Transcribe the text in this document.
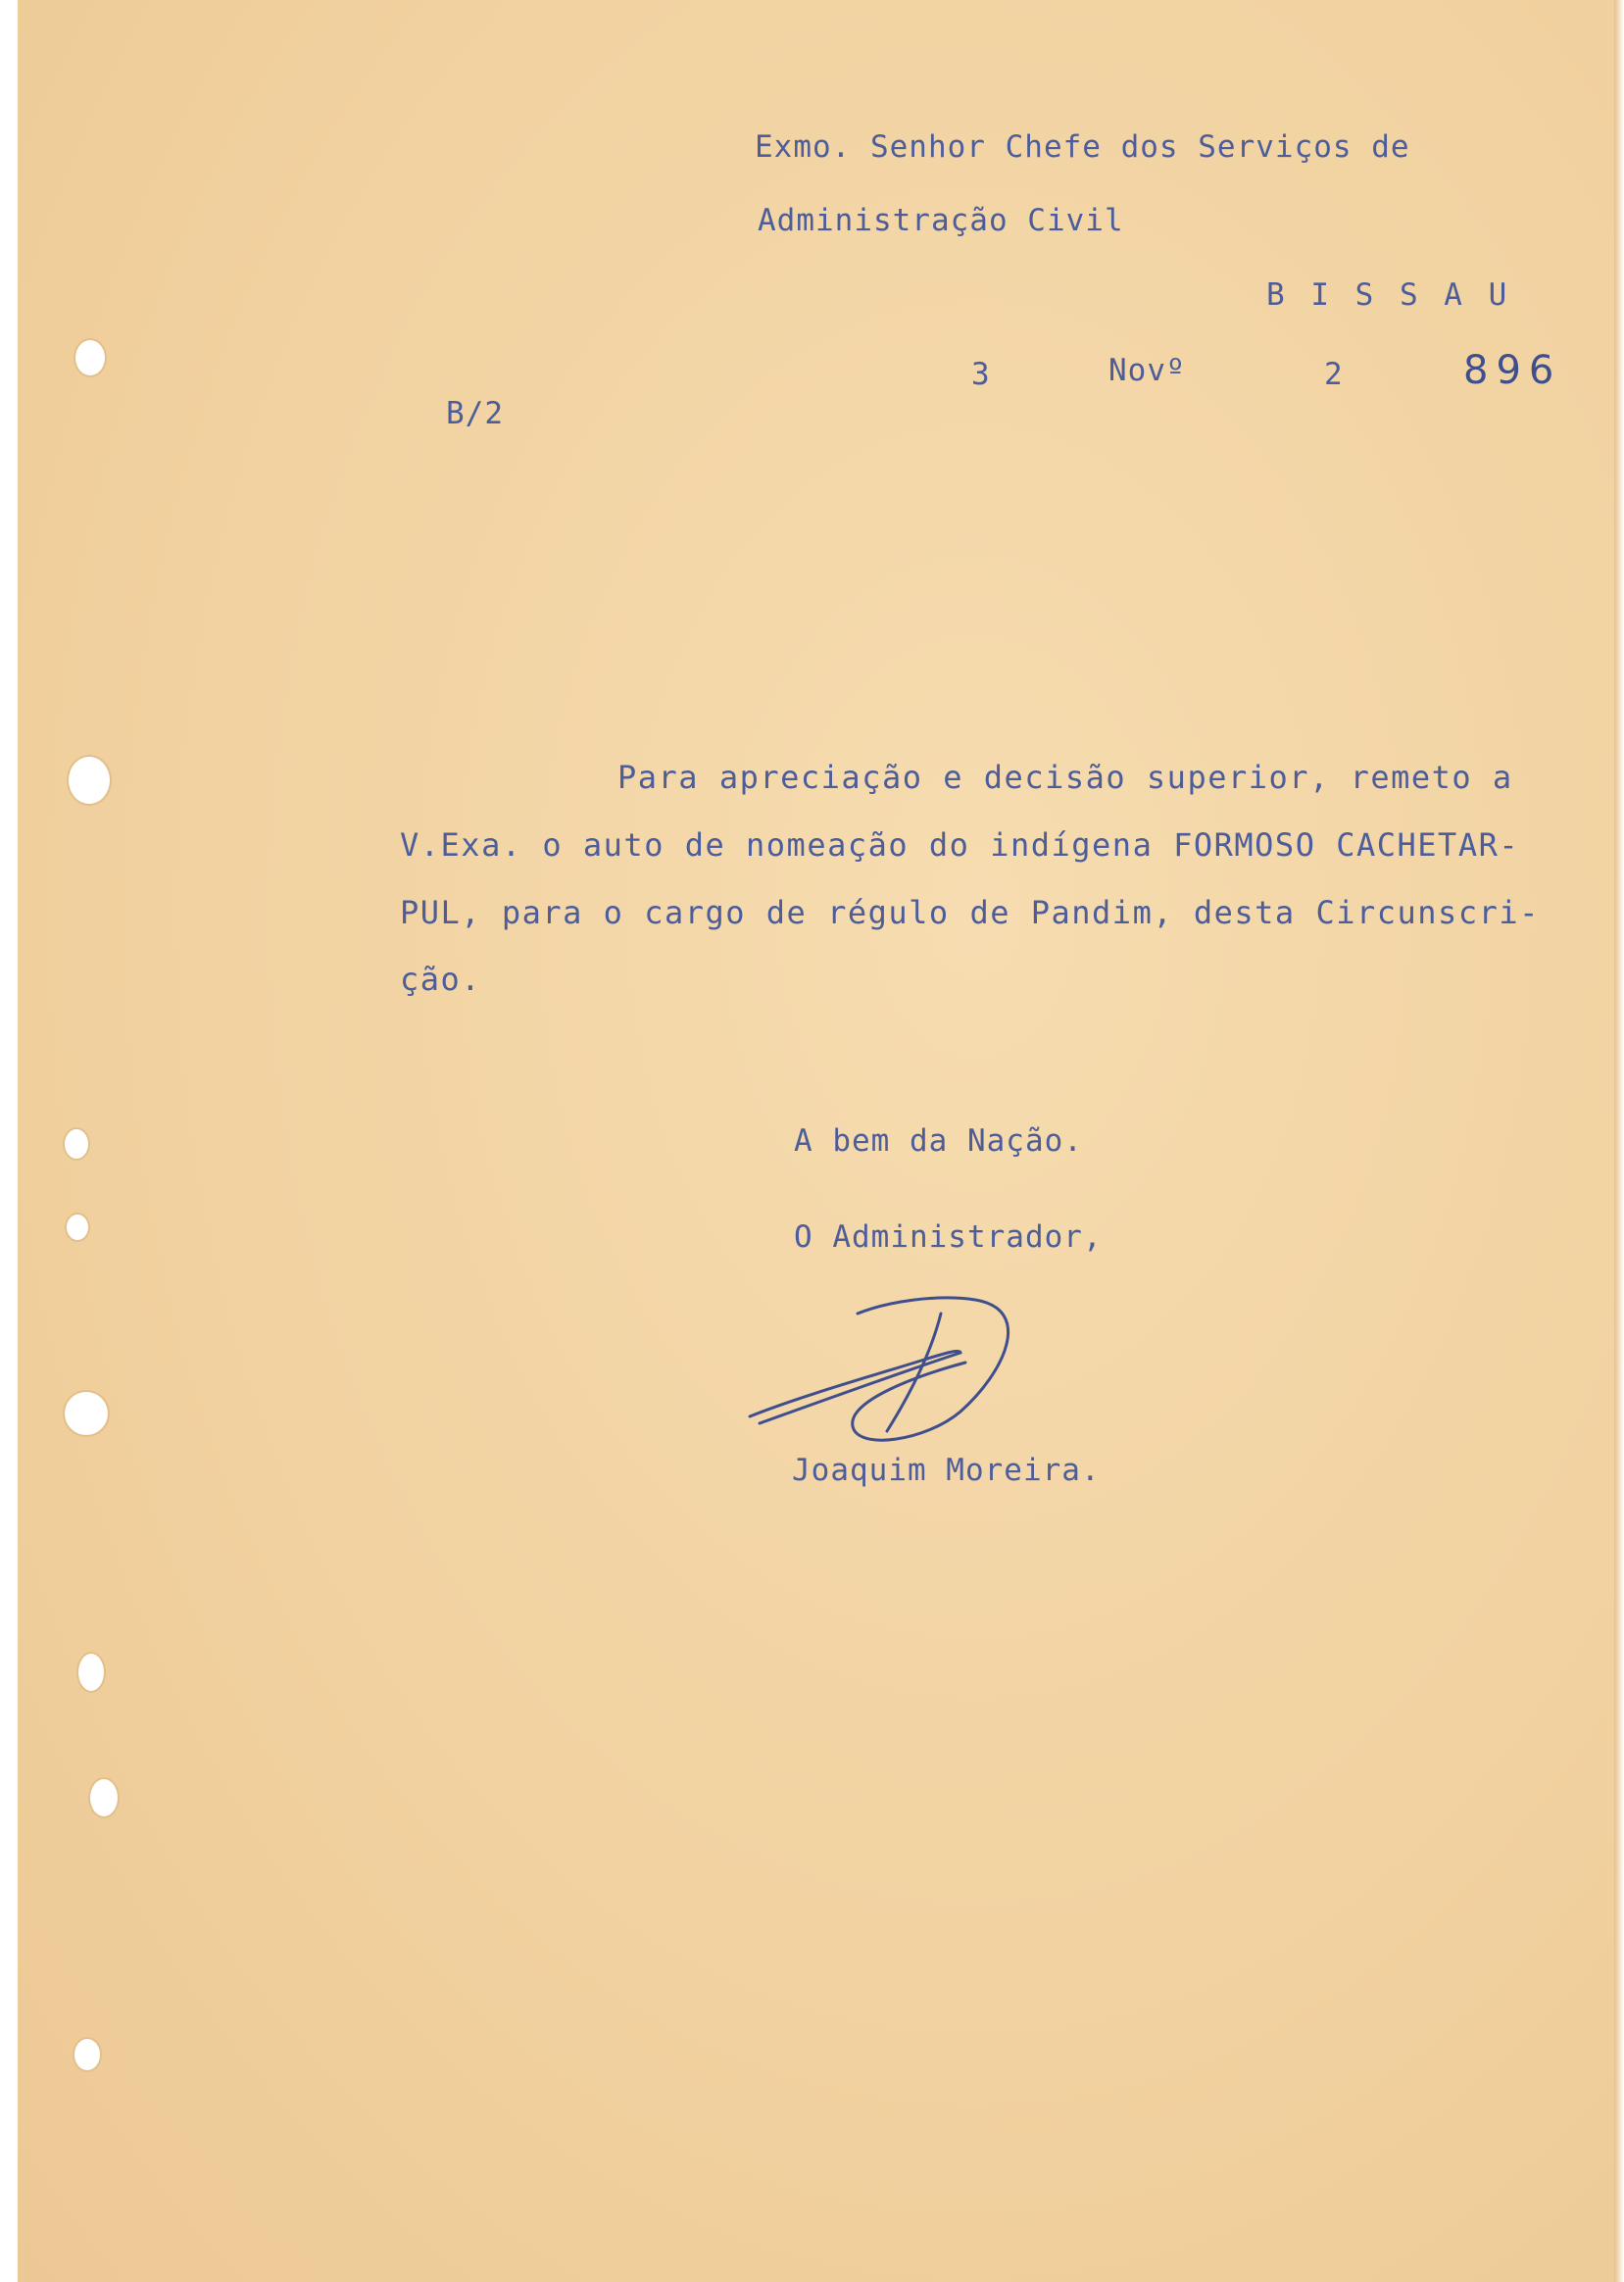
Exmo. Senhor Chefe dos Serviços de
Administração Civil
B I S S A U
3	Novº	2	896
B/2
Para apreciação e decisão superior, remeto a
V.Exa. o auto de nomeação do indígena FORMOSO CACHETAR-
PUL, para o cargo de régulo de Pandim, desta Circunscri-
ção.
A bem da Nação.
O Administrador,
Joaquim Moreira.
